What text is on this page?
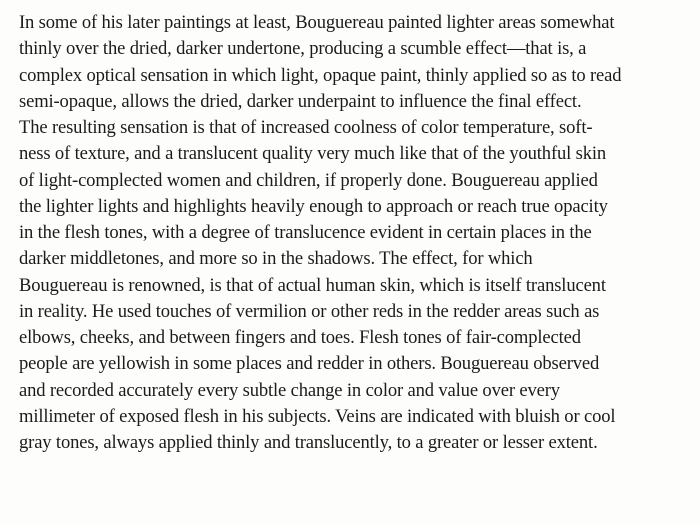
In some of his later paintings at least, Bouguereau painted lighter areas somewhat
thinly over the dried, darker undertone, producing a scumble effect—that is, a
complex optical sensation in which light, opaque paint, thinly applied so as to read
semi-opaque, allows the dried, darker underpaint to influence the final effect.
The resulting sensation is that of increased coolness of color temperature, soft-
ness of texture, and a translucent quality very much like that of the youthful skin
of light-complected women and children, if properly done. Bouguereau applied
the lighter lights and highlights heavily enough to approach or reach true opacity
in the flesh tones, with a degree of translucence evident in certain places in the
darker middletones, and more so in the shadows. The effect, for which
Bouguereau is renowned, is that of actual human skin, which is itself translucent
in reality. He used touches of vermilion or other reds in the redder areas such as
elbows, cheeks, and between fingers and toes. Flesh tones of fair-complected
people are yellowish in some places and redder in others. Bouguereau observed
and recorded accurately every subtle change in color and value over every
millimeter of exposed flesh in his subjects. Veins are indicated with bluish or cool
gray tones, always applied thinly and translucently, to a greater or lesser extent.
